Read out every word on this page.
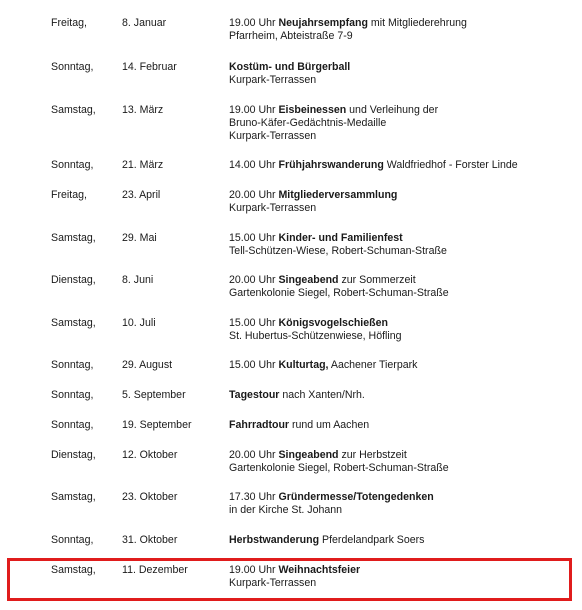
Freitag,	8. Januar	19.00 Uhr Neujahrsempfang mit Mitgliederehrung
Pfarrheim, Abteistraße 7-9
Sonntag,	14. Februar	Kostüm- und Bürgerball
Kurpark-Terrassen
Samstag, 13. März	19.00 Uhr Eisbeinessen und Verleihung der
Bruno-Käfer-Gedächtnis-Medaille
Kurpark-Terrassen
Sonntag,	21. März	14.00 Uhr Frühjahrswanderung Waldfriedhof - Forster Linde
Freitag,	23. April	20.00 Uhr Mitgliederversammlung
Kurpark-Terrassen
Samstag, 29. Mai	15.00 Uhr Kinder- und Familienfest
Tell-Schützen-Wiese, Robert-Schuman-Straße
Dienstag, 8. Juni	20.00 Uhr Singeabend zur Sommerzeit
Gartenkolonie Siegel, Robert-Schuman-Straße
Samstag, 10. Juli	15.00 Uhr Königsvogelschießen
St. Hubertus-Schützenwiese, Höfling
Sonntag,	29. August	15.00 Uhr Kulturtag, Aachener Tierpark
Sonntag,	5. September	Tagestour nach Xanten/Nrh.
Sonntag,	19. September	Fahrradtour rund um Aachen
Dienstag, 12. Oktober	20.00 Uhr Singeabend zur Herbstzeit
Gartenkolonie Siegel, Robert-Schuman-Straße
Samstag, 23. Oktober	17.30 Uhr Gründermesse/Totengedenken
in der Kirche St. Johann
Sonntag,	31. Oktober	Herbstwanderung Pferdelandpark Soers
Samstag, 11. Dezember	19.00 Uhr Weihnachtsfeier
Kurpark-Terrassen
